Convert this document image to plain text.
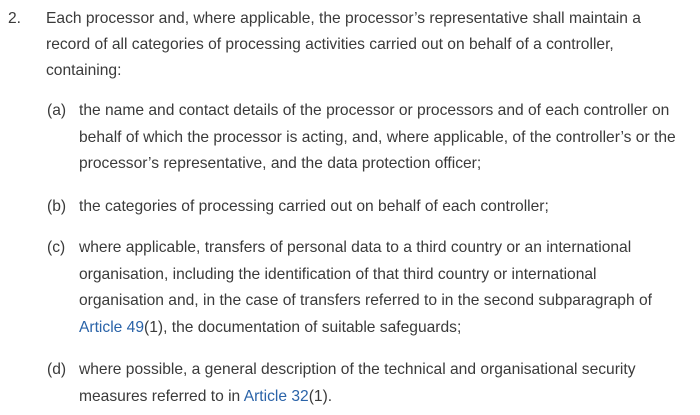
2. Each processor and, where applicable, the processor’s representative shall maintain a
record of all categories of processing activities carried out on behalf of a controller,
containing:
(a) the name and contact details of the processor or processors and of each controller on
behalf of which the processor is acting, and, where applicable, of the controller’s or the
processor’s representative, and the data protection officer;
(b) the categories of processing carried out on behalf of each controller;
(c) where applicable, transfers of personal data to a third country or an international
organisation, including the identification of that third country or international
organisation and, in the case of transfers referred to in the second subparagraph of
Article 49(1), the documentation of suitable safeguards;
(d) where possible, a general description of the technical and organisational security
measures referred to in Article 32(1).
